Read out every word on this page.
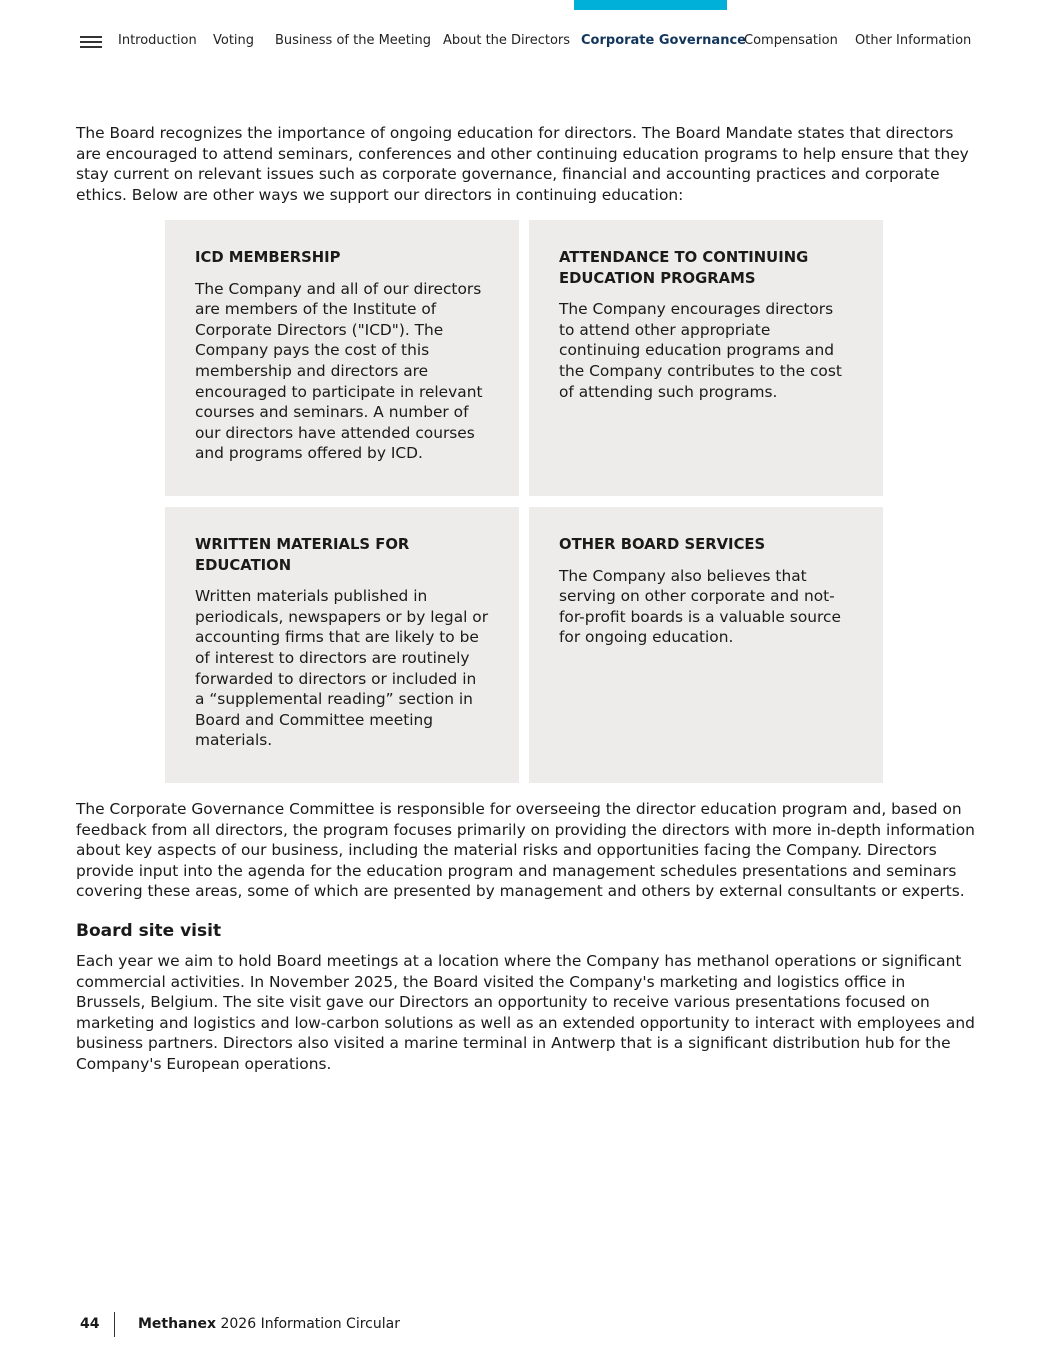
Introduction Voting Business of the Meeting About the Directors Corporate Governance
Compensation Other Information

The Board recognizes the importance of ongoing education for directors. The Board Mandate states that directors are encouraged to attend seminars, conferences and other continuing education programs to help ensure that they stay current on relevant issues such as corporate governance, financial and accounting practices and corporate ethics. Below are other ways we support our directors in continuing education:

ICD MEMBERSHIP

The Company and all of our directors are members of the Institute of Corporate Directors ("ICD"). The Company pays the cost of this membership and directors are encouraged to participate in relevant courses and seminars. A number of our directors have attended courses and programs offered by ICD.

ATTENDANCE TO CONTINUING EDUCATION PROGRAMS

The Company encourages directors to attend other appropriate continuing education programs and the Company contributes to the cost of attending such programs.

WRITTEN MATERIALS FOR EDUCATION

Written materials published in periodicals, newspapers or by legal or accounting firms that are likely to be of interest to directors are routinely forwarded to directors or included in a “supplemental reading” section in Board and Committee meeting materials.

OTHER BOARD SERVICES

The Company also believes that serving on other corporate and not-for-profit boards is a valuable source for ongoing education.

The Corporate Governance Committee is responsible for overseeing the director education program and, based on feedback from all directors, the program focuses primarily on providing the directors with more in-depth information about key aspects of our business, including the material risks and opportunities facing the Company. Directors provide input into the agenda for the education program and management schedules presentations and seminars covering these areas, some of which are presented by management and others by external consultants or experts.

Board site visit

Each year we aim to hold Board meetings at a location where the Company has methanol operations or significant commercial activities. In November 2025, the Board visited the Company's marketing and logistics office in Brussels, Belgium. The site visit gave our Directors an opportunity to receive various presentations focused on marketing and logistics and low-carbon solutions as well as an extended opportunity to interact with employees and business partners. Directors also visited a marine terminal in Antwerp that is a significant distribution hub for the Company's European operations.

44	Methanex 2026 Information Circular
